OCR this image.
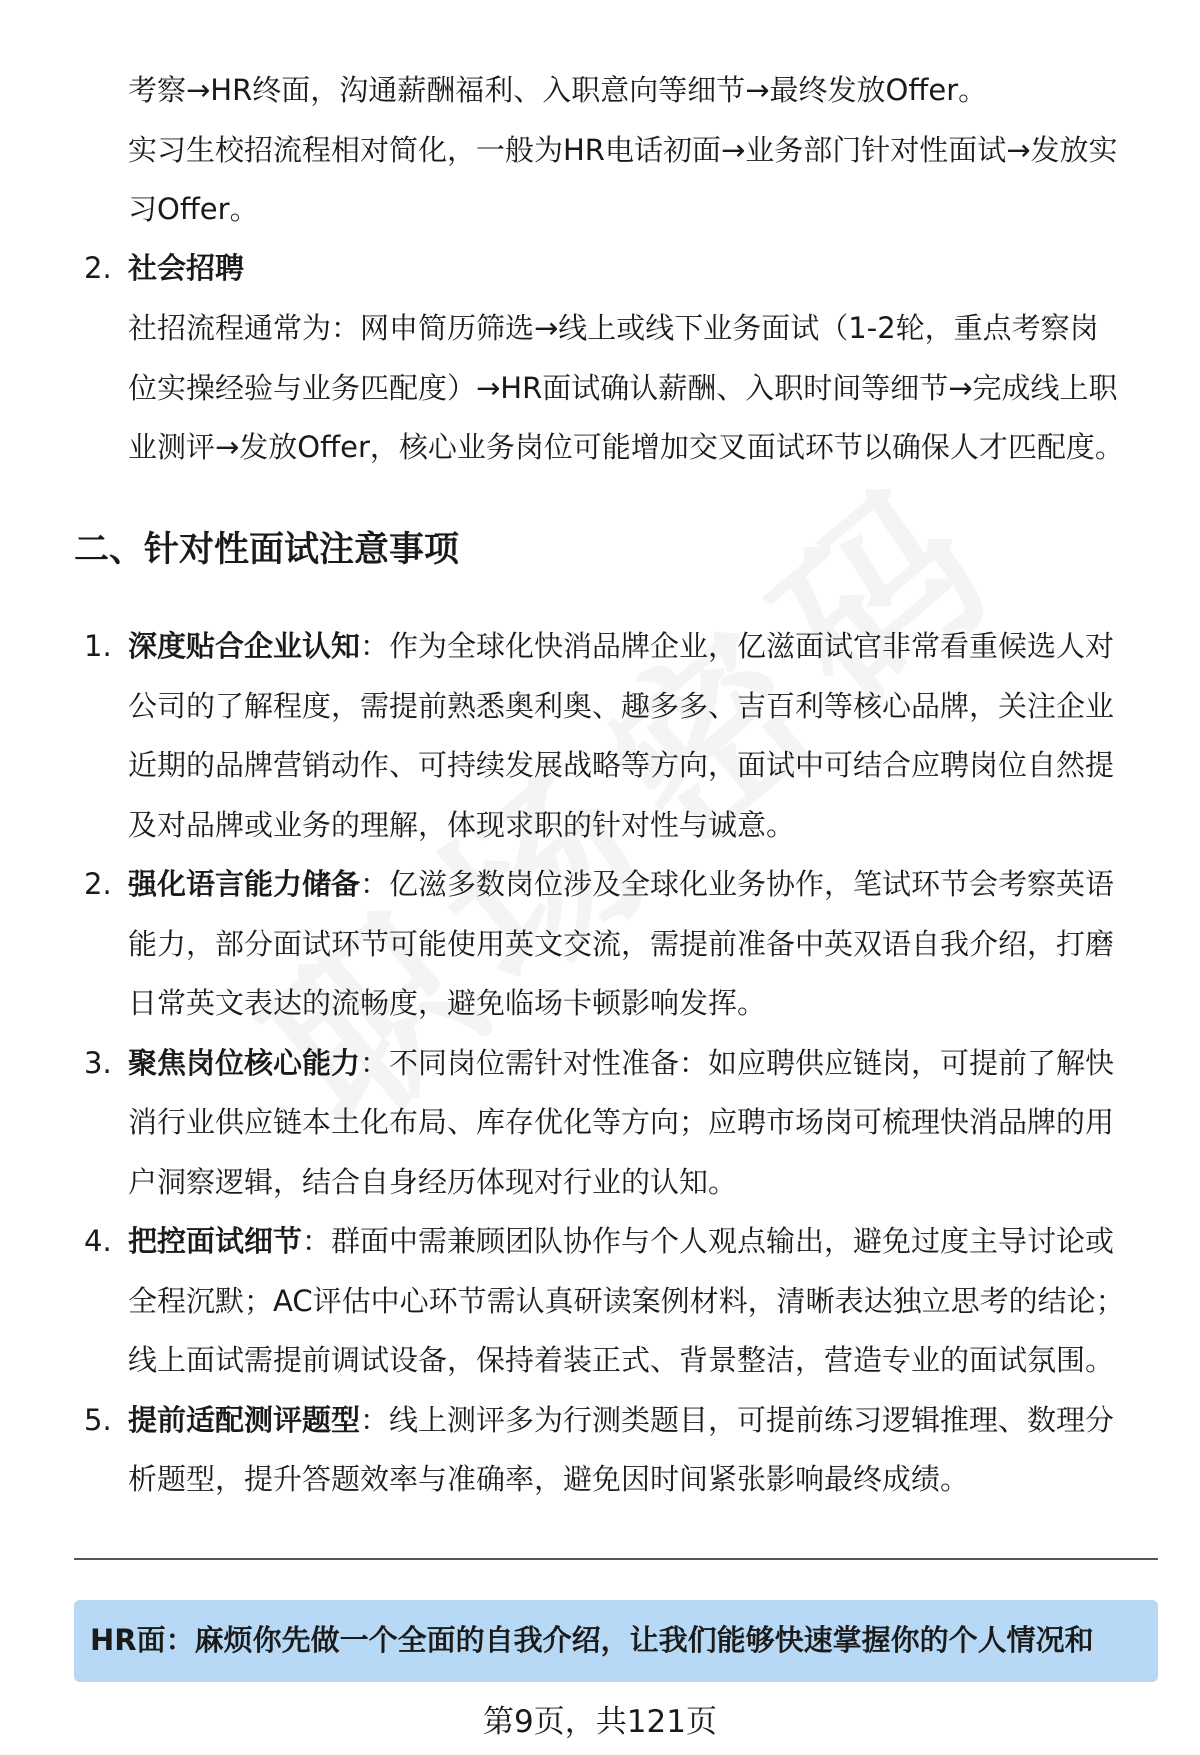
考察→HR终面，沟通薪酬福利、入职意向等细节→最终发放Offer。
实习生校招流程相对简化，一般为HR电话初面→业务部门针对性面试→发放实
习Offer。
2. 社会招聘
社招流程通常为：网申简历筛选→线上或线下业务面试（1-2轮，重点考察岗
位实操经验与业务匹配度）→HR面试确认薪酬、入职时间等细节→完成线上职
业测评→发放Offer，核心业务岗位可能增加交叉面试环节以确保人才匹配度。
二、针对性面试注意事项
1. 深度贴合企业认知：作为全球化快消品牌企业，亿滋面试官非常看重候选人对
公司的了解程度，需提前熟悉奥利奥、趣多多、吉百利等核心品牌，关注企业
近期的品牌营销动作、可持续发展战略等方向，面试中可结合应聘岗位自然提
及对品牌或业务的理解，体现求职的针对性与诚意。
2. 强化语言能力储备：亿滋多数岗位涉及全球化业务协作，笔试环节会考察英语
能力，部分面试环节可能使用英文交流，需提前准备中英双语自我介绍，打磨
日常英文表达的流畅度，避免临场卡顿影响发挥。
3. 聚焦岗位核心能力：不同岗位需针对性准备：如应聘供应链岗，可提前了解快
消行业供应链本土化布局、库存优化等方向；应聘市场岗可梳理快消品牌的用
户洞察逻辑，结合自身经历体现对行业的认知。
4. 把控面试细节：群面中需兼顾团队协作与个人观点输出，避免过度主导讨论或
全程沉默；AC评估中心环节需认真研读案例材料，清晰表达独立思考的结论；
线上面试需提前调试设备，保持着装正式、背景整洁，营造专业的面试氛围。
5. 提前适配测评题型：线上测评多为行测类题目，可提前练习逻辑推理、数理分
析题型，提升答题效率与准确率，避免因时间紧张影响最终成绩。
HR面：麻烦你先做一个全面的自我介绍，让我们能够快速掌握你的个人情况和
第9页，共121页
